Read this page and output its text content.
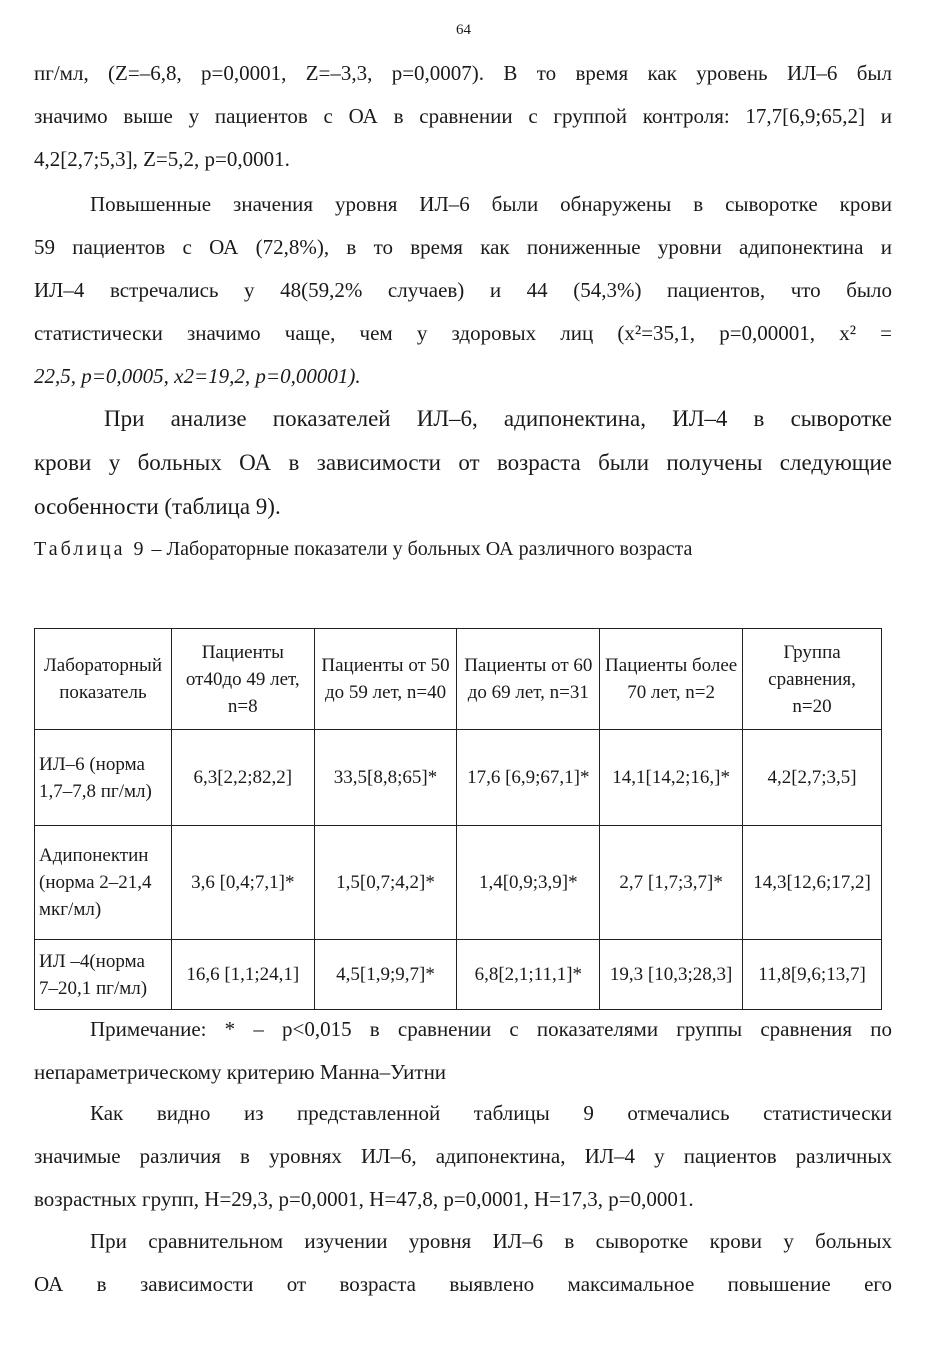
64
пг/мл, (Z=–6,8, p=0,0001, Z=–3,3, p=0,0007). В то время как уровень ИЛ–6 был
значимо выше у пациентов с ОА в сравнении с группой контроля: 17,7[6,9;65,2] и
4,2[2,7;5,3], Z=5,2, p=0,0001.
Повышенные значения уровня ИЛ–6 были обнаружены в сыворотке крови
59 пациентов с ОА (72,8%), в то время как пониженные уровни адипонектина и
ИЛ–4 встречались у 48(59,2% случаев) и 44 (54,3%) пациентов, что было
статистически значимо чаще, чем у здоровых лиц (x²=35,1, p=0,00001, x² =
22,5, p=0,0005, x2=19,2, p=0,00001).
При анализе показателей ИЛ–6, адипонектина, ИЛ–4 в сыворотке
крови у больных ОА в зависимости от возраста были получены следующие
особенности (таблица 9).
Таблица 9 – Лабораторные показатели у больных ОА различного возраста
Лабораторный показатель	Пациенты от40до 49 лет, n=8	Пациенты от 50 до 59 лет, n=40	Пациенты от 60 до 69 лет, n=31	Пациенты более 70 лет, n=2	Группа сравнения, n=20
ИЛ–6 (норма 1,7–7,8 пг/мл)	6,3[2,2;82,2]	33,5[8,8;65]*	17,6 [6,9;67,1]*	14,1[14,2;16,]*	4,2[2,7;3,5]
Адипонектин (норма 2–21,4 мкг/мл)	3,6 [0,4;7,1]*	1,5[0,7;4,2]*	1,4[0,9;3,9]*	2,7 [1,7;3,7]*	14,3[12,6;17,2]
ИЛ –4(норма 7–20,1 пг/мл)	16,6 [1,1;24,1]	4,5[1,9;9,7]*	6,8[2,1;11,1]*	19,3 [10,3;28,3]	11,8[9,6;13,7]
Примечание: * – p<0,015 в сравнении с показателями группы сравнения по
непараметрическому критерию Манна–Уитни
Как видно из представленной таблицы 9 отмечались статистически
значимые различия в уровнях ИЛ–6, адипонектина, ИЛ–4 у пациентов различных
возрастных групп, H=29,3, p=0,0001, H=47,8, p=0,0001, H=17,3, p=0,0001.
При сравнительном изучении уровня ИЛ–6 в сыворотке крови у больных
ОА в зависимости от возраста выявлено максимальное повышение его
